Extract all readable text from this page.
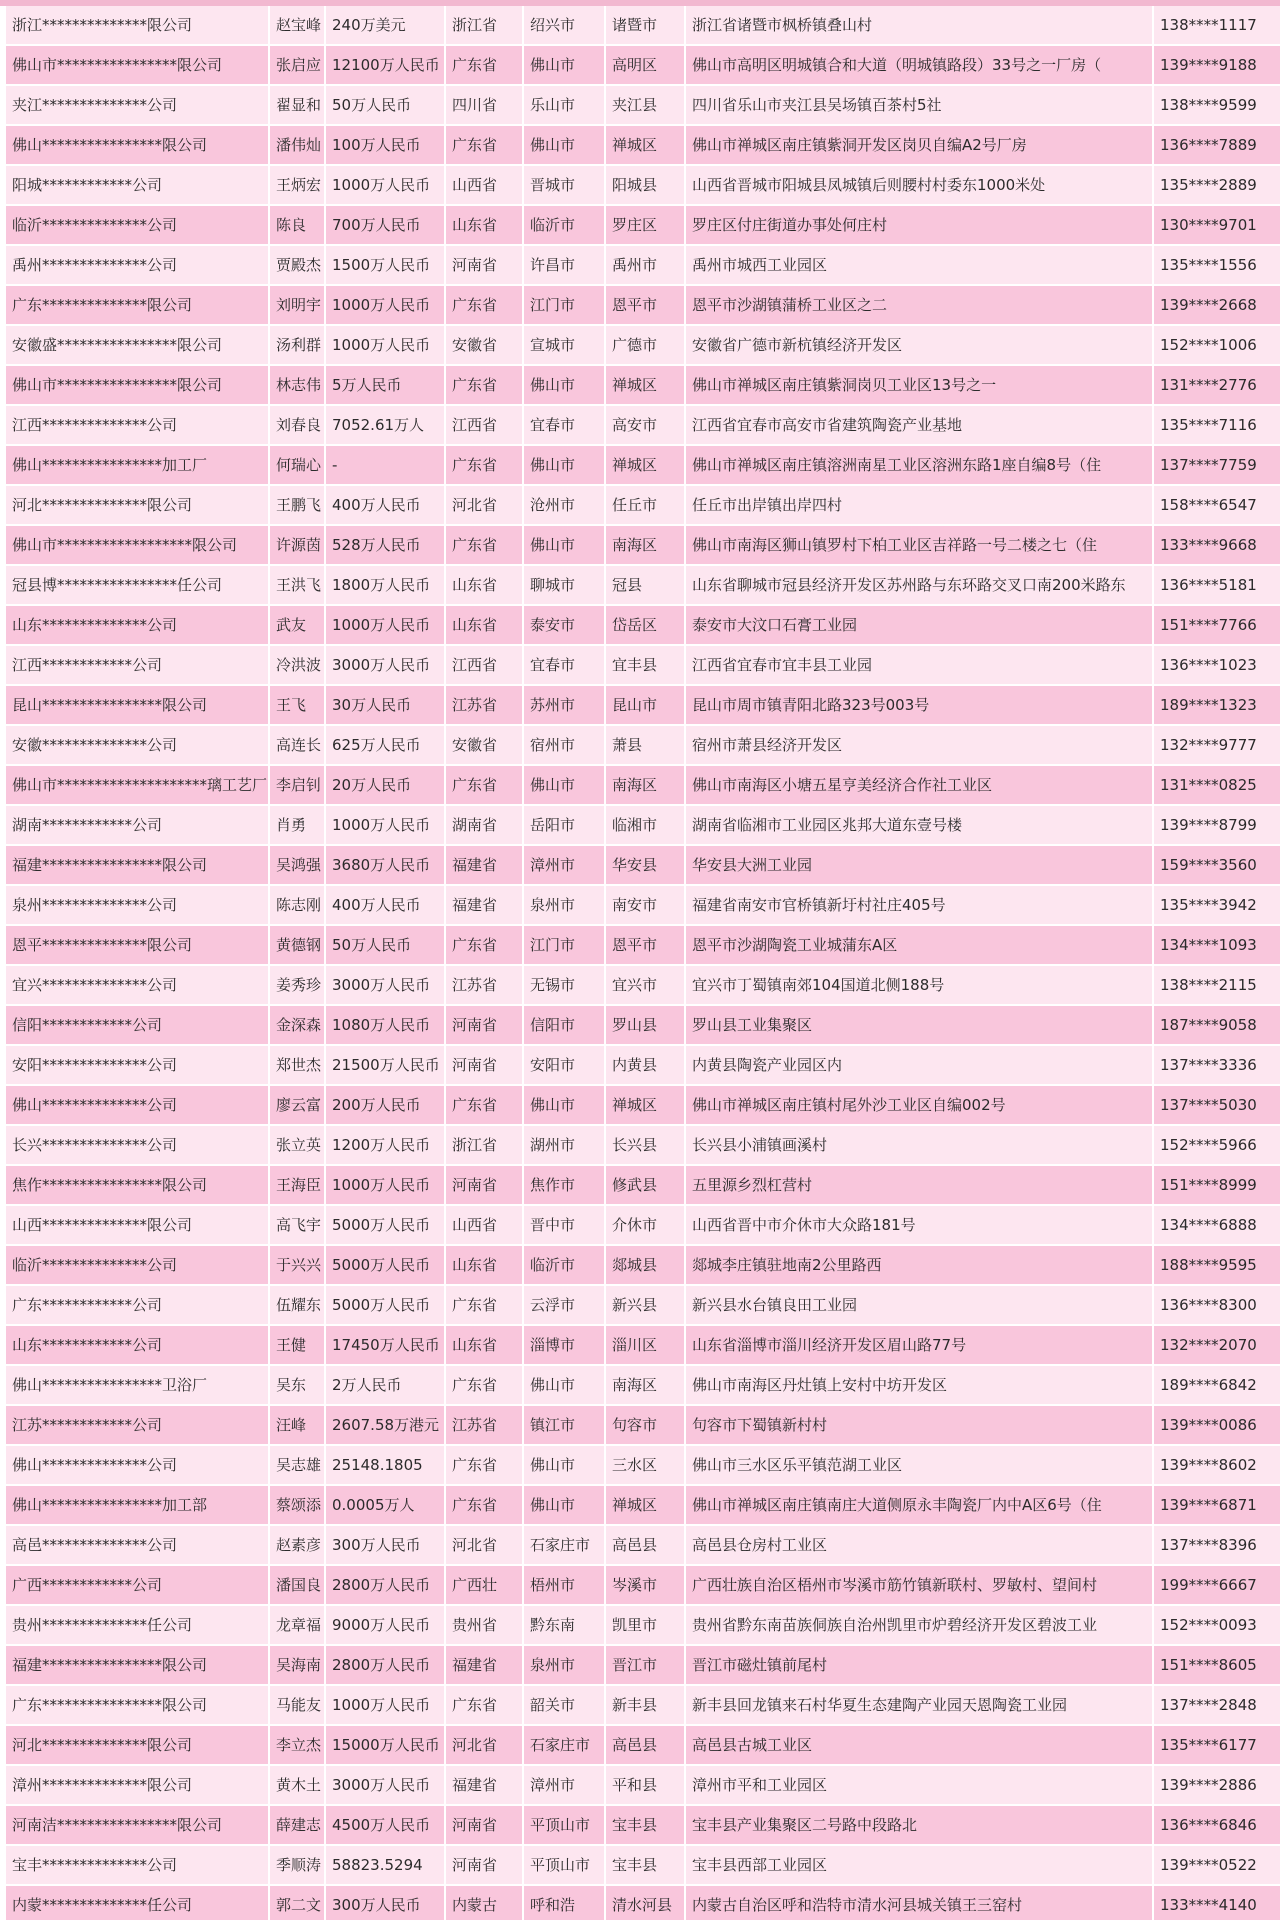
浙江**************限公司	赵宝峰	240万美元	浙江省	绍兴市	诸暨市	浙江省诸暨市枫桥镇叠山村	138****1117
佛山市****************限公司	张启应	12100万人民币	广东省	佛山市	高明区	佛山市高明区明城镇合和大道（明城镇路段）33号之一厂房（	139****9188
夹江**************公司	翟显和	50万人民币	四川省	乐山市	夹江县	四川省乐山市夹江县吴场镇百茶村5社	138****9599
佛山****************限公司	潘伟灿	100万人民币	广东省	佛山市	禅城区	佛山市禅城区南庄镇紫洞开发区岗贝自编A2号厂房	136****7889
阳城************公司	王炳宏	1000万人民币	山西省	晋城市	阳城县	山西省晋城市阳城县凤城镇后则腰村村委东1000米处	135****2889
临沂**************公司	陈良	700万人民币	山东省	临沂市	罗庄区	罗庄区付庄街道办事处何庄村	130****9701
禹州**************公司	贾殿杰	1500万人民币	河南省	许昌市	禹州市	禹州市城西工业园区	135****1556
广东**************限公司	刘明宇	1000万人民币	广东省	江门市	恩平市	恩平市沙湖镇蒲桥工业区之二	139****2668
安徽盛****************限公司	汤利群	1000万人民币	安徽省	宣城市	广德市	安徽省广德市新杭镇经济开发区	152****1006
佛山市****************限公司	林志伟	5万人民币	广东省	佛山市	禅城区	佛山市禅城区南庄镇紫洞岗贝工业区13号之一	131****2776
江西**************公司	刘春良	7052.61万人	江西省	宜春市	高安市	江西省宜春市高安市省建筑陶瓷产业基地	135****7116
佛山****************加工厂	何瑞心	-	广东省	佛山市	禅城区	佛山市禅城区南庄镇溶洲南星工业区溶洲东路1座自编8号（住	137****7759
河北**************限公司	王鹏飞	400万人民币	河北省	沧州市	任丘市	任丘市出岸镇出岸四村	158****6547
佛山市******************限公司	许源茵	528万人民币	广东省	佛山市	南海区	佛山市南海区狮山镇罗村下柏工业区吉祥路一号二楼之七（住	133****9668
冠县博****************任公司	王洪飞	1800万人民币	山东省	聊城市	冠县	山东省聊城市冠县经济开发区苏州路与东环路交叉口南200米路东	136****5181
山东**************公司	武友	1000万人民币	山东省	泰安市	岱岳区	泰安市大汶口石膏工业园	151****7766
江西************公司	冷洪波	3000万人民币	江西省	宜春市	宜丰县	江西省宜春市宜丰县工业园	136****1023
昆山****************限公司	王飞	30万人民币	江苏省	苏州市	昆山市	昆山市周市镇青阳北路323号003号	189****1323
安徽**************公司	高连长	625万人民币	安徽省	宿州市	萧县	宿州市萧县经济开发区	132****9777
佛山市********************璃工艺厂	李启钊	20万人民币	广东省	佛山市	南海区	佛山市南海区小塘五星亨美经济合作社工业区	131****0825
湖南************公司	肖勇	1000万人民币	湖南省	岳阳市	临湘市	湖南省临湘市工业园区兆邦大道东壹号楼	139****8799
福建****************限公司	吴鸿强	3680万人民币	福建省	漳州市	华安县	华安县大洲工业园	159****3560
泉州**************公司	陈志刚	400万人民币	福建省	泉州市	南安市	福建省南安市官桥镇新圩村社庄405号	135****3942
恩平**************限公司	黄德钢	50万人民币	广东省	江门市	恩平市	恩平市沙湖陶瓷工业城蒲东A区	134****1093
宜兴**************公司	姜秀珍	3000万人民币	江苏省	无锡市	宜兴市	宜兴市丁蜀镇南郊104国道北侧188号	138****2115
信阳************公司	金深森	1080万人民币	河南省	信阳市	罗山县	罗山县工业集聚区	187****9058
安阳**************公司	郑世杰	21500万人民币	河南省	安阳市	内黄县	内黄县陶瓷产业园区内	137****3336
佛山**************公司	廖云富	200万人民币	广东省	佛山市	禅城区	佛山市禅城区南庄镇村尾外沙工业区自编002号	137****5030
长兴**************公司	张立英	1200万人民币	浙江省	湖州市	长兴县	长兴县小浦镇画溪村	152****5966
焦作****************限公司	王海臣	1000万人民币	河南省	焦作市	修武县	五里源乡烈杠营村	151****8999
山西**************限公司	高飞宇	5000万人民币	山西省	晋中市	介休市	山西省晋中市介休市大众路181号	134****6888
临沂**************公司	于兴兴	5000万人民币	山东省	临沂市	郯城县	郯城李庄镇驻地南2公里路西	188****9595
广东************公司	伍耀东	5000万人民币	广东省	云浮市	新兴县	新兴县水台镇良田工业园	136****8300
山东************公司	王健	17450万人民币	山东省	淄博市	淄川区	山东省淄博市淄川经济开发区眉山路77号	132****2070
佛山****************卫浴厂	吴东	2万人民币	广东省	佛山市	南海区	佛山市南海区丹灶镇上安村中坊开发区	189****6842
江苏************公司	汪峰	2607.58万港元	江苏省	镇江市	句容市	句容市下蜀镇新村村	139****0086
佛山**************公司	吴志雄	25148.1805	广东省	佛山市	三水区	佛山市三水区乐平镇范湖工业区	139****8602
佛山****************加工部	蔡颂添	0.0005万人	广东省	佛山市	禅城区	佛山市禅城区南庄镇南庄大道侧原永丰陶瓷厂内中A区6号（住	139****6871
高邑**************公司	赵素彦	300万人民币	河北省	石家庄市	高邑县	高邑县仓房村工业区	137****8396
广西************公司	潘国良	2800万人民币	广西壮	梧州市	岑溪市	广西壮族自治区梧州市岑溪市筋竹镇新联村、罗敏村、望间村	199****6667
贵州**************任公司	龙章福	9000万人民币	贵州省	黔东南	凯里市	贵州省黔东南苗族侗族自治州凯里市炉碧经济开发区碧波工业	152****0093
福建****************限公司	吴海南	2800万人民币	福建省	泉州市	晋江市	晋江市磁灶镇前尾村	151****8605
广东****************限公司	马能友	1000万人民币	广东省	韶关市	新丰县	新丰县回龙镇来石村华夏生态建陶产业园天恩陶瓷工业园	137****2848
河北**************限公司	李立杰	15000万人民币	河北省	石家庄市	高邑县	高邑县古城工业区	135****6177
漳州**************限公司	黄木土	3000万人民币	福建省	漳州市	平和县	漳州市平和工业园区	139****2886
河南洁****************限公司	薛建志	4500万人民币	河南省	平顶山市	宝丰县	宝丰县产业集聚区二号路中段路北	136****6846
宝丰**************公司	季顺涛	58823.5294	河南省	平顶山市	宝丰县	宝丰县西部工业园区	139****0522
内蒙**************任公司	郭二文	300万人民币	内蒙古	呼和浩	清水河县	内蒙古自治区呼和浩特市清水河县城关镇王三窑村	133****4140
